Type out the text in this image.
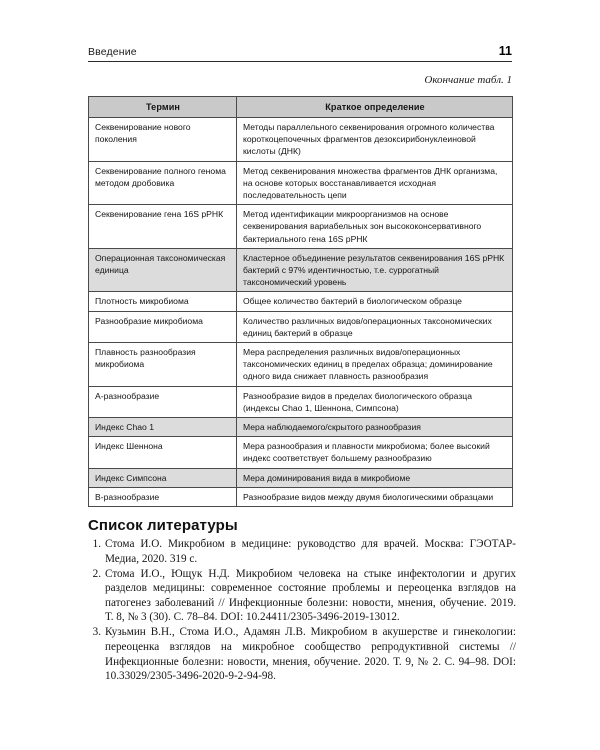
Введение	11
Окончание табл. 1
Термин	Краткое определение
Секвенирование нового поколения	Методы параллельного секвенирования огромного количества короткоцепочечных фрагментов дезоксирибонуклеиновой кислоты (ДНК)
Секвенирование полного генома методом дробовика	Метод секвенирования множества фрагментов ДНК организма, на основе которых восстанавливается исходная последовательность цепи
Секвенирование гена 16S рРНК	Метод идентификации микроорганизмов на основе секвенирования вариабельных зон высококонсервативного бактериального гена 16S рРНК
Операционная таксономическая единица	Кластерное объединение результатов секвенирования 16S рРНК бактерий с 97% идентичностью, т.е. суррогатный таксономический уровень
Плотность микробиома	Общее количество бактерий в биологическом образце
Разнообразие микробиома	Количество различных видов/операционных таксономических единиц бактерий в образце
Плавность разнообразия микробиома	Мера распределения различных видов/операционных таксономических единиц в пределах образца; доминирование одного вида снижает плавность разнообразия
А-разнообразие	Разнообразие видов в пределах биологического образца (индексы Chao 1, Шеннона, Симпсона)
Индекс Chao 1	Мера наблюдаемого/скрытого разнообразия
Индекс Шеннона	Мера разнообразия и плавности микробиома; более высокий индекс соответствует большему разнообразию
Индекс Симпсона	Мера доминирования вида в микробиоме
В-разнообразие	Разнообразие видов между двумя биологическими образцами
Список литературы
1. Стома И.О. Микробиом в медицине: руководство для врачей. Москва: ГЭОТАР-Медиа, 2020. 319 с.
2. Стома И.О., Ющук Н.Д. Микробиом человека на стыке инфектологии и других разделов медицины: современное состояние проблемы и переоценка взглядов на патогенез заболеваний // Инфекционные болезни: новости, мнения, обучение. 2019. Т. 8, № 3 (30). С. 78–84. DOI: 10.24411/2305-3496-2019-13012.
3. Кузьмин В.Н., Стома И.О., Адамян Л.В. Микробиом в акушерстве и гинекологии: переоценка взглядов на микробное сообщество репродуктивной системы // Инфекционные болезни: новости, мнения, обучение. 2020. Т. 9, № 2. С. 94–98. DOI: 10.33029/2305-3496-2020-9-2-94-98.
